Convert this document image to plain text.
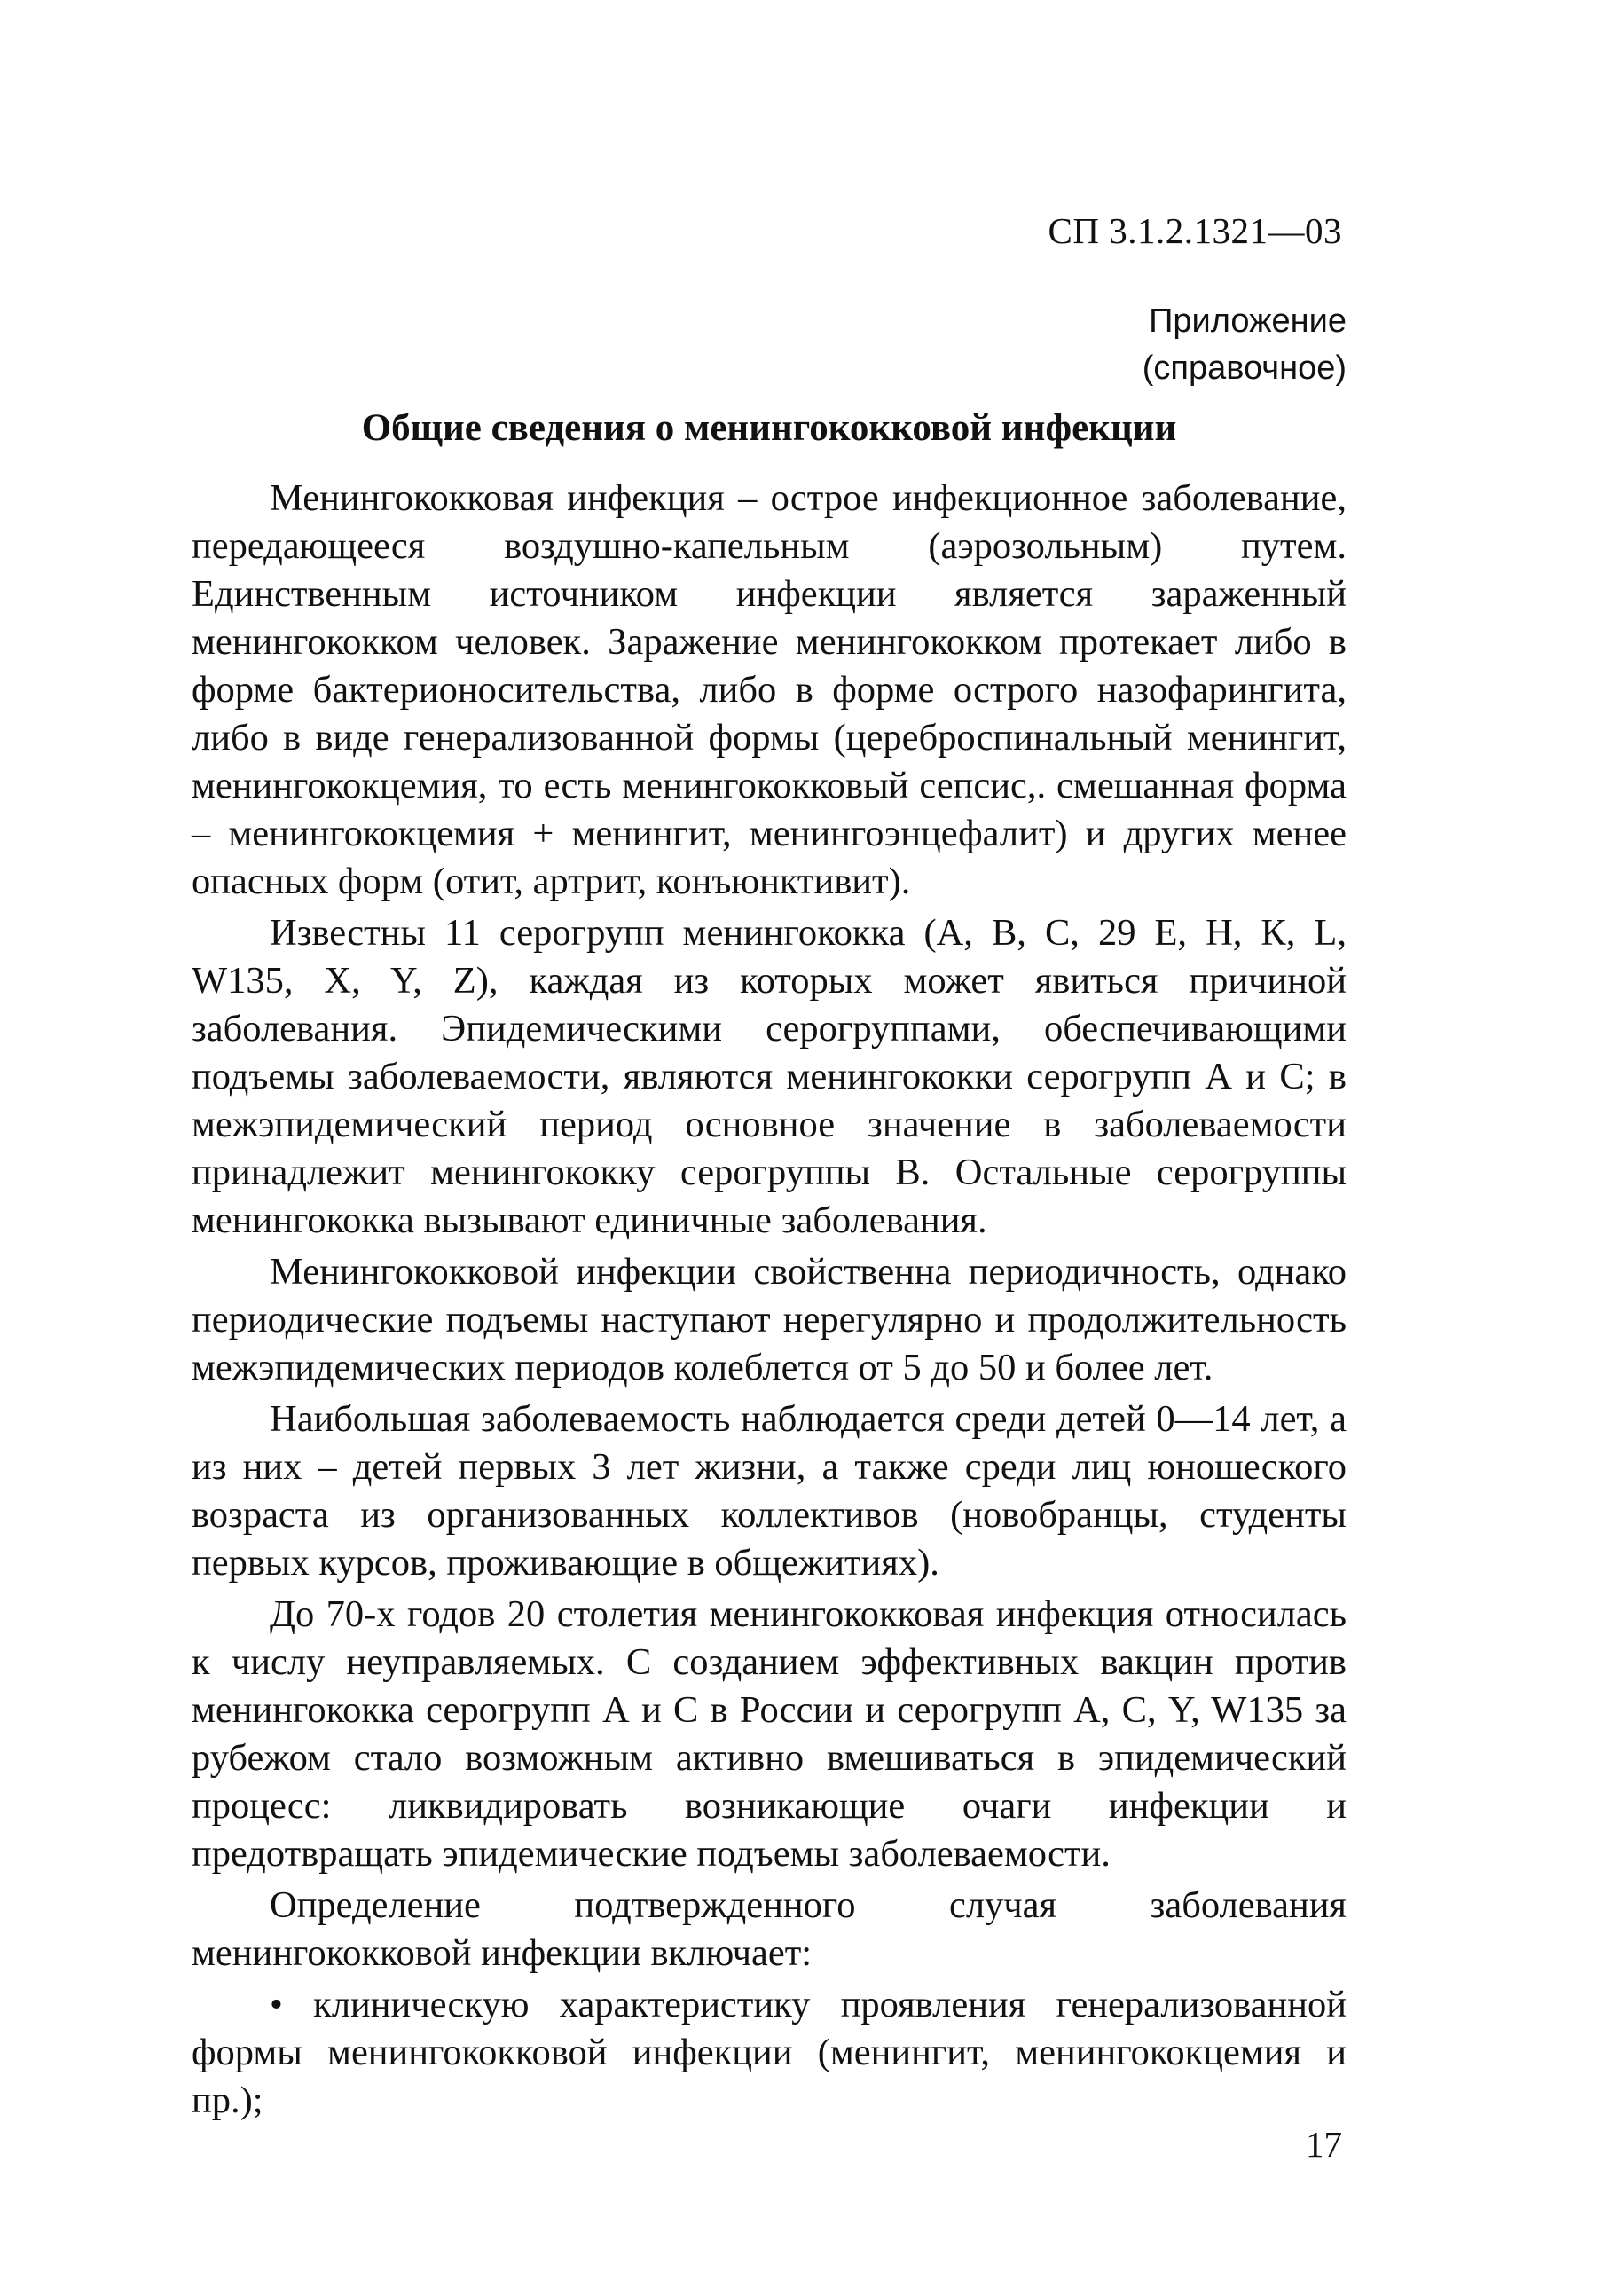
СП 3.1.2.1321—03
Приложение
(справочное)
Общие сведения о менингококковой инфекции

Менингококковая инфекция – острое инфекционное заболевание, передающееся воздушно-капельным (аэрозольным) путем. Единственным источником инфекции является зараженный менингококком человек. Заражение менингококком протекает либо в форме бактерионосительства, либо в форме острого назофарингита, либо в виде генерализованной формы (цереброспинальный менингит, менингококцемия, то есть менингококковый сепсис,. смешанная форма – менингококцемия + менингит, менингоэнцефалит) и других менее опасных форм (отит, артрит, конъюнктивит).

Известны 11 серогрупп менингококка (А, В, С, 29 Е, Н, К, L, W135, X, Y, Z), каждая из которых может явиться причиной заболевания. Эпидемическими серогруппами, обеспечивающими подъемы заболеваемости, являются менингококки серогрупп А и С; в межэпидемический период основное значение в заболеваемости принадлежит менингококку серогруппы В. Остальные серогруппы менингококка вызывают единичные заболевания.

Менингококковой инфекции свойственна периодичность, однако периодические подъемы наступают нерегулярно и продолжительность межэпидемических периодов колеблется от 5 до 50 и более лет.

Наибольшая заболеваемость наблюдается среди детей 0—14 лет, а из них – детей первых 3 лет жизни, а также среди лиц юношеского возраста из организованных коллективов (новобранцы, студенты первых курсов, проживающие в общежитиях).

До 70-х годов 20 столетия менингококковая инфекция относилась к числу неуправляемых. С созданием эффективных вакцин против менингококка серогрупп А и С в России и серогрупп А, С, Y, W135 за рубежом стало возможным активно вмешиваться в эпидемический процесс: ликвидировать возникающие очаги инфекции и предотвращать эпидемические подъемы заболеваемости.

Определение подтвержденного случая заболевания менингококковой инфекции включает:

• клиническую характеристику проявления генерализованной формы менингококковой инфекции (менингит, менингококцемия и пр.);

17
